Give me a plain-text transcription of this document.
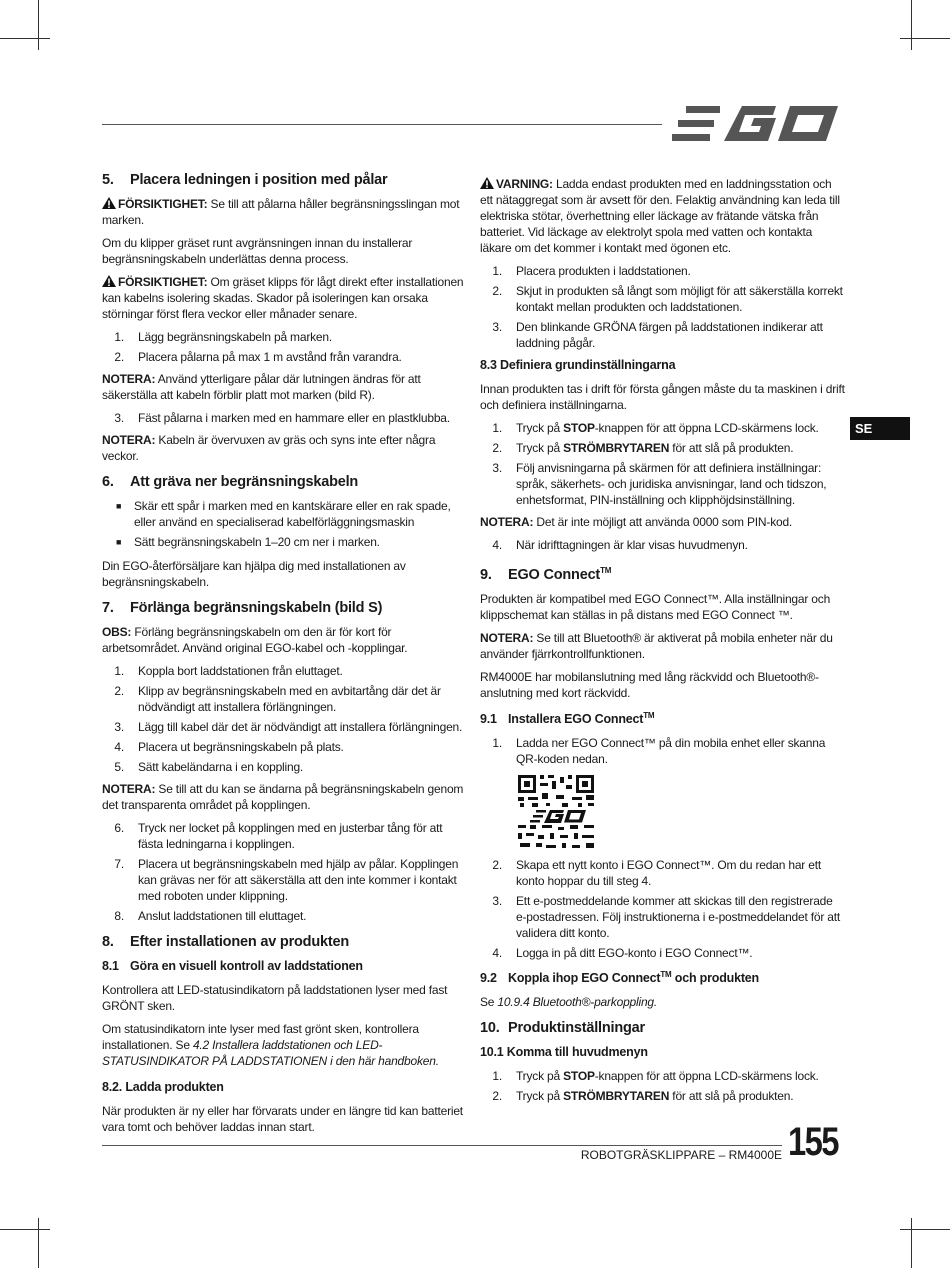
SE

5. Placera ledningen i position med pålar

FÖRSIKTIGHET: Se till att pålarna håller begränsningsslingan mot marken.

Om du klipper gräset runt avgränsningen innan du installerar begränsningskabeln underlättas denna process.

FÖRSIKTIGHET: Om gräset klipps för lågt direkt efter installationen kan kabelns isolering skadas. Skador på isoleringen kan orsaka störningar först flera veckor eller månader senare.

1.	Lägg begränsningskabeln på marken.
2.	Placera pålarna på max 1 m avstånd från varandra.

NOTERA: Använd ytterligare pålar där lutningen ändras för att säkerställa att kabeln förblir platt mot marken (bild R).

3.	Fäst pålarna i marken med en hammare eller en plastklubba.

NOTERA: Kabeln är övervuxen av gräs och syns inte efter några veckor.

6. Att gräva ner begränsningskabeln

■	Skär ett spår i marken med en kantskärare eller en rak spade, eller använd en specialiserad kabelförläggningsmaskin
■	Sätt begränsningskabeln 1–20 cm ner i marken.

Din EGO-återförsäljare kan hjälpa dig med installationen av begränsningskabeln.

7. Förlänga begränsningskabeln (bild S)

OBS: Förläng begränsningskabeln om den är för kort för arbetsområdet. Använd original EGO-kabel och -kopplingar.

1.	Koppla bort laddstationen från eluttaget.
2.	Klipp av begränsningskabeln med en avbitartång där det är nödvändigt att installera förlängningen.
3.	Lägg till kabel där det är nödvändigt att installera förlängningen.
4.	Placera ut begränsningskabeln på plats.
5.	Sätt kabeländarna i en koppling.

NOTERA: Se till att du kan se ändarna på begränsningskabeln genom det transparenta området på kopplingen.

6.	Tryck ner locket på kopplingen med en justerbar tång för att fästa ledningarna i kopplingen.
7.	Placera ut begränsningskabeln med hjälp av pålar. Kopplingen kan grävas ner för att säkerställa att den inte kommer i kontakt med roboten under klippning.
8.	Anslut laddstationen till eluttaget.

8. Efter installationen av produkten

8.1 Göra en visuell kontroll av laddstationen

Kontrollera att LED-statusindikatorn på laddstationen lyser med fast GRÖNT sken.

Om statusindikatorn inte lyser med fast grönt sken, kontrollera installationen. Se 4.2 Installera laddstationen och LED-STATUSINDIKATOR PÅ LADDSTATIONEN i den här handboken.

8.2. Ladda produkten

När produkten är ny eller har förvarats under en längre tid kan batteriet vara tomt och behöver laddas innan start.

VARNING: Ladda endast produkten med en laddningsstation och ett nätaggregat som är avsett för den. Felaktig användning kan leda till elektriska stötar, överhettning eller läckage av frätande vätska från batteriet. Vid läckage av elektrolyt spola med vatten och kontakta läkare om det kommer i kontakt med ögonen etc.

1.	Placera produkten i laddstationen.
2.	Skjut in produkten så långt som möjligt för att säkerställa korrekt kontakt mellan produkten och laddstationen.
3.	Den blinkande GRÖNA färgen på laddstationen indikerar att laddning pågår.

8.3 Definiera grundinställningarna

Innan produkten tas i drift för första gången måste du ta maskinen i drift och definiera inställningarna.

1.	Tryck på STOP-knappen för att öppna LCD-skärmens lock.
2.	Tryck på STRÖMBRYTAREN för att slå på produkten.
3.	Följ anvisningarna på skärmen för att definiera inställningar: språk, säkerhets- och juridiska anvisningar, land och tidszon, enhetsformat, PIN-inställning och klipphöjdsinställning.

NOTERA: Det är inte möjligt att använda 0000 som PIN-kod.

4.	När idrifttagningen är klar visas huvudmenyn.

9. EGO Connect™

Produkten är kompatibel med EGO Connect™. Alla inställningar och klippschemat kan ställas in på distans med EGO Connect ™.

NOTERA: Se till att Bluetooth® är aktiverat på mobila enheter när du använder fjärrkontrollfunktionen.

RM4000E har mobilanslutning med lång räckvidd och Bluetooth®-anslutning med kort räckvidd.

9.1 Installera EGO Connect™

1.	Ladda ner EGO Connect™ på din mobila enhet eller skanna QR-koden nedan.
2.	Skapa ett nytt konto i EGO Connect™. Om du redan har ett konto hoppar du till steg 4.
3.	Ett e-postmeddelande kommer att skickas till den registrerade e-postadressen. Följ instruktionerna i e-postmeddelandet för att validera ditt konto.
4.	Logga in på ditt EGO-konto i EGO Connect™.

9.2 Koppla ihop EGO Connect™ och produkten

Se 10.9.4 Bluetooth®-parkoppling.

10. Produktinställningar

10.1 Komma till huvudmenyn

1.	Tryck på STOP-knappen för att öppna LCD-skärmens lock.
2.	Tryck på STRÖMBRYTAREN för att slå på produkten.
ROBOTGRÄSKLIPPARE – RM4000E 155
